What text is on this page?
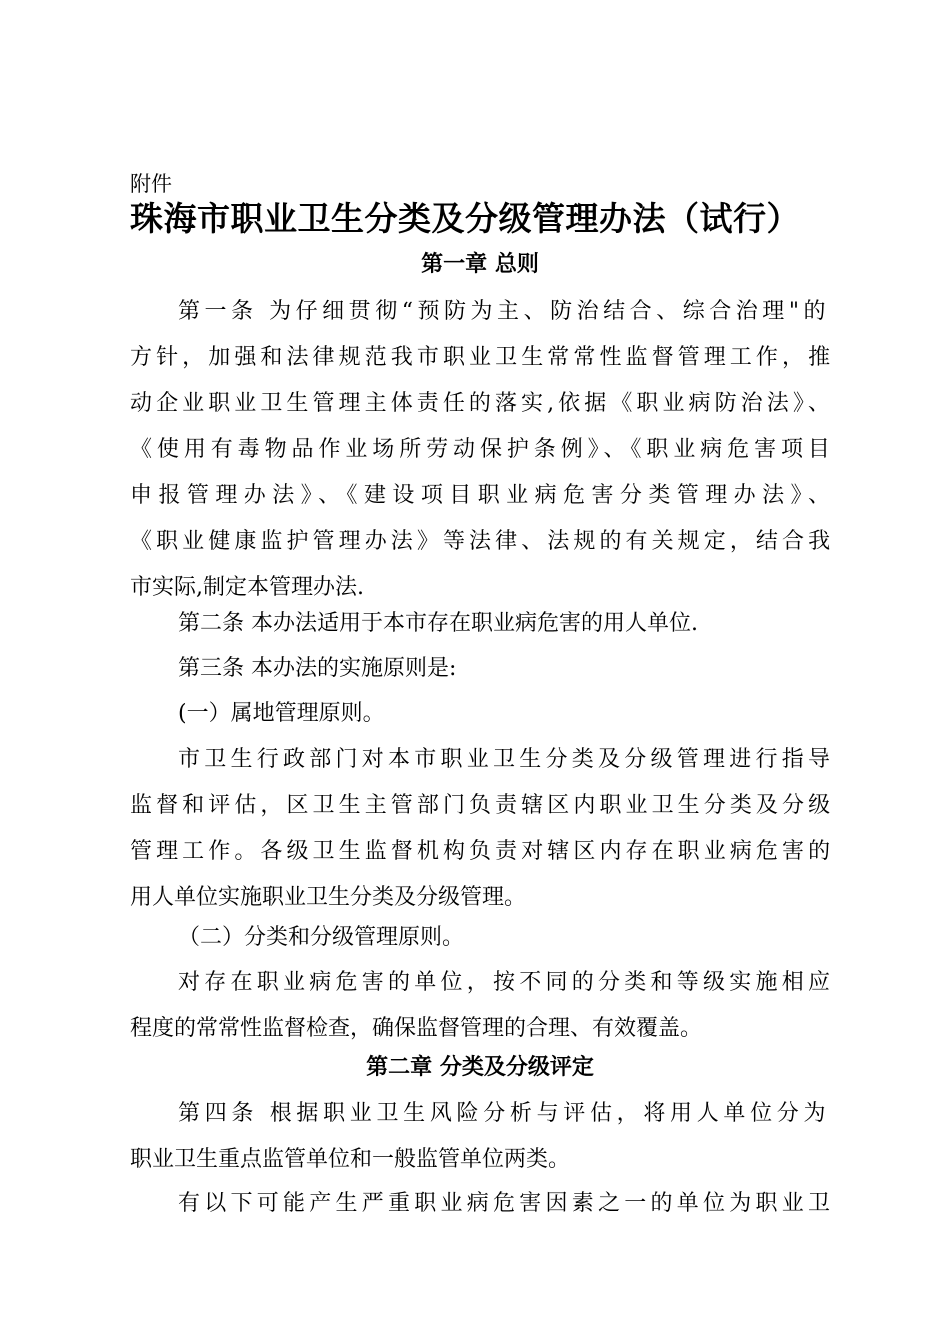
附件
珠海市职业卫生分类及分级管理办法（试行）
第一章 总则
第一条 为仔细贯彻“预防为主、防治结合、综合治理"的
方针，加强和法律规范我市职业卫生常常性监督管理工作，推
动企业职业卫生管理主体责任的落实,依据《职业病防治法》、
《使用有毒物品作业场所劳动保护条例》、《职业病危害项目
申报管理办法》、《建设项目职业病危害分类管理办法》、
《职业健康监护管理办法》等法律、法规的有关规定，结合我
市实际,制定本管理办法.
第二条 本办法适用于本市存在职业病危害的用人单位.
第三条 本办法的实施原则是:
(一）属地管理原则。
市卫生行政部门对本市职业卫生分类及分级管理进行指导
监督和评估，区卫生主管部门负责辖区内职业卫生分类及分级
管理工作。各级卫生监督机构负责对辖区内存在职业病危害的
用人单位实施职业卫生分类及分级管理。
（二）分类和分级管理原则。
对存在职业病危害的单位，按不同的分类和等级实施相应
程度的常常性监督检查，确保监督管理的合理、有效覆盖。
第二章 分类及分级评定
第四条 根据职业卫生风险分析与评估，将用人单位分为
职业卫生重点监管单位和一般监管单位两类。
有以下可能产生严重职业病危害因素之一的单位为职业卫
